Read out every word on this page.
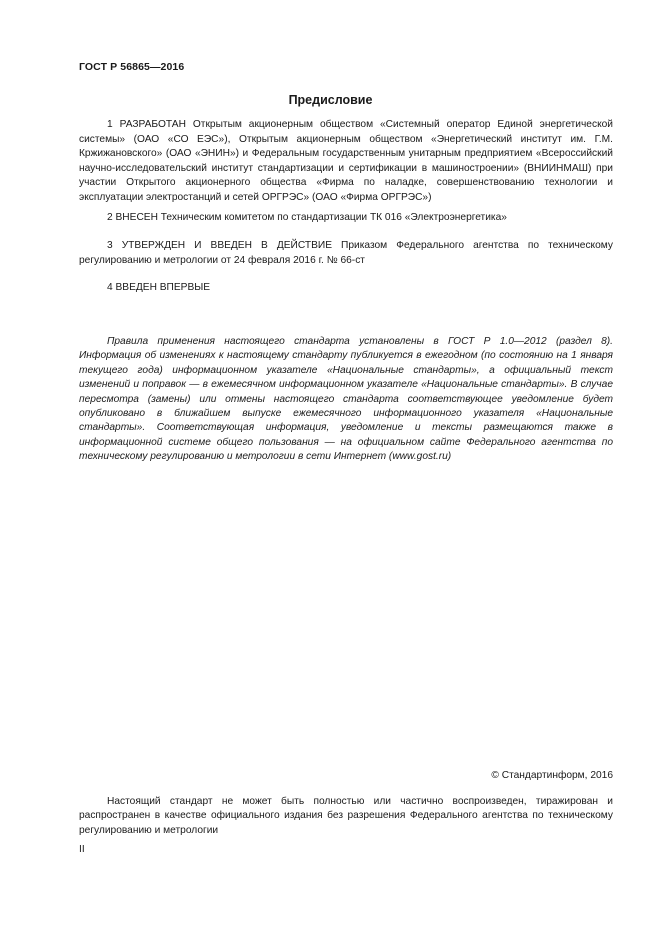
ГОСТ Р 56865—2016
Предисловие

1 РАЗРАБОТАН Открытым акционерным обществом «Системный оператор Единой энергетической системы» (ОАО «СО ЕЭС»), Открытым акционерным обществом «Энергетический институт им. Г.М. Кржижановского» (ОАО «ЭНИН») и Федеральным государственным унитарным предприятием «Всероссийский научно-исследовательский институт стандартизации и сертификации в машиностроении» (ВНИИНМАШ) при участии Открытого акционерного общества «Фирма по наладке, совершенствованию технологии и эксплуатации электростанций и сетей ОРГРЭС» (ОАО «Фирма ОРГРЭС»)

2 ВНЕСЕН Техническим комитетом по стандартизации ТК 016 «Электроэнергетика»

3 УТВЕРЖДЕН И ВВЕДЕН В ДЕЙСТВИЕ Приказом Федерального агентства по техническому регулированию и метрологии от 24 февраля 2016 г. № 66-ст

4 ВВЕДЕН ВПЕРВЫЕ

Правила применения настоящего стандарта установлены в ГОСТ Р 1.0—2012 (раздел 8). Информация об изменениях к настоящему стандарту публикуется в ежегодном (по состоянию на 1 января текущего года) информационном указателе «Национальные стандарты», а официальный текст изменений и поправок — в ежемесячном информационном указателе «Национальные стандарты». В случае пересмотра (замены) или отмены настоящего стандарта соответствующее уведомление будет опубликовано в ближайшем выпуске ежемесячного информационного указателя «Национальные стандарты». Соответствующая информация, уведомление и тексты размещаются также в информационной системе общего пользования — на официальном сайте Федерального агентства по техническому регулированию и метрологии в сети Интернет (www.gost.ru)

© Стандартинформ, 2016

Настоящий стандарт не может быть полностью или частично воспроизведен, тиражирован и распространен в качестве официального издания без разрешения Федерального агентства по техническому регулированию и метрологии

II
